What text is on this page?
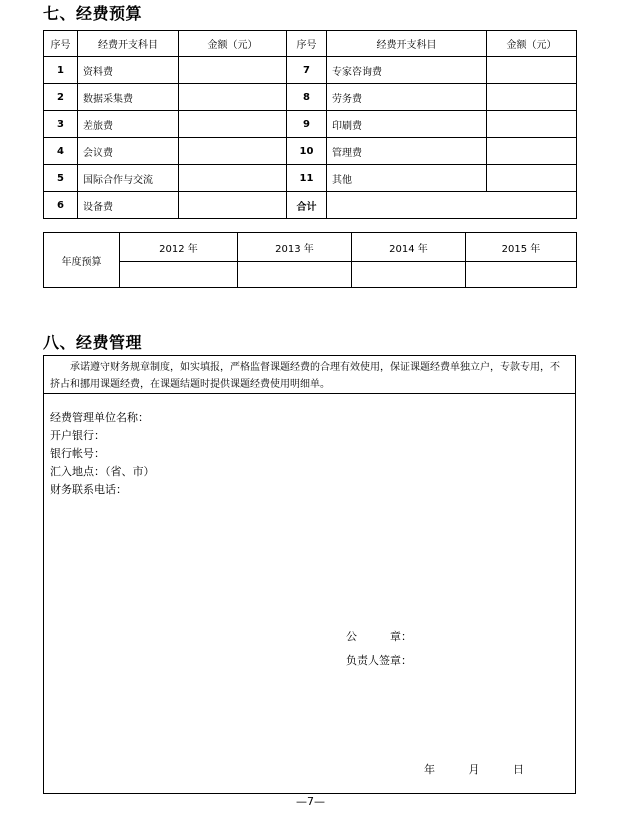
七、经费预算
序号	经费开支科目	金额（元）	序号	经费开支科目	金额（元）
1	资料费		7	专家咨询费	
2	数据采集费		8	劳务费	
3	差旅费		9	印刷费	
4	会议费		10	管理费	
5	国际合作与交流		11	其他	
6	设备费		合计		
年度预算	2012 年	2013 年	2014 年	2015 年

八、经费管理
承诺遵守财务规章制度，如实填报，严格监督课题经费的合理有效使用，保证课题经费单独立户，专款专用，不挤占和挪用课题经费，在课题结题时提供课题经费使用明细单。
经费管理单位名称：
开户银行：
银行帐号：
汇入地点：（省、市）
财务联系电话：
公　　　章：
负责人签章：
年 月 日
—7—
